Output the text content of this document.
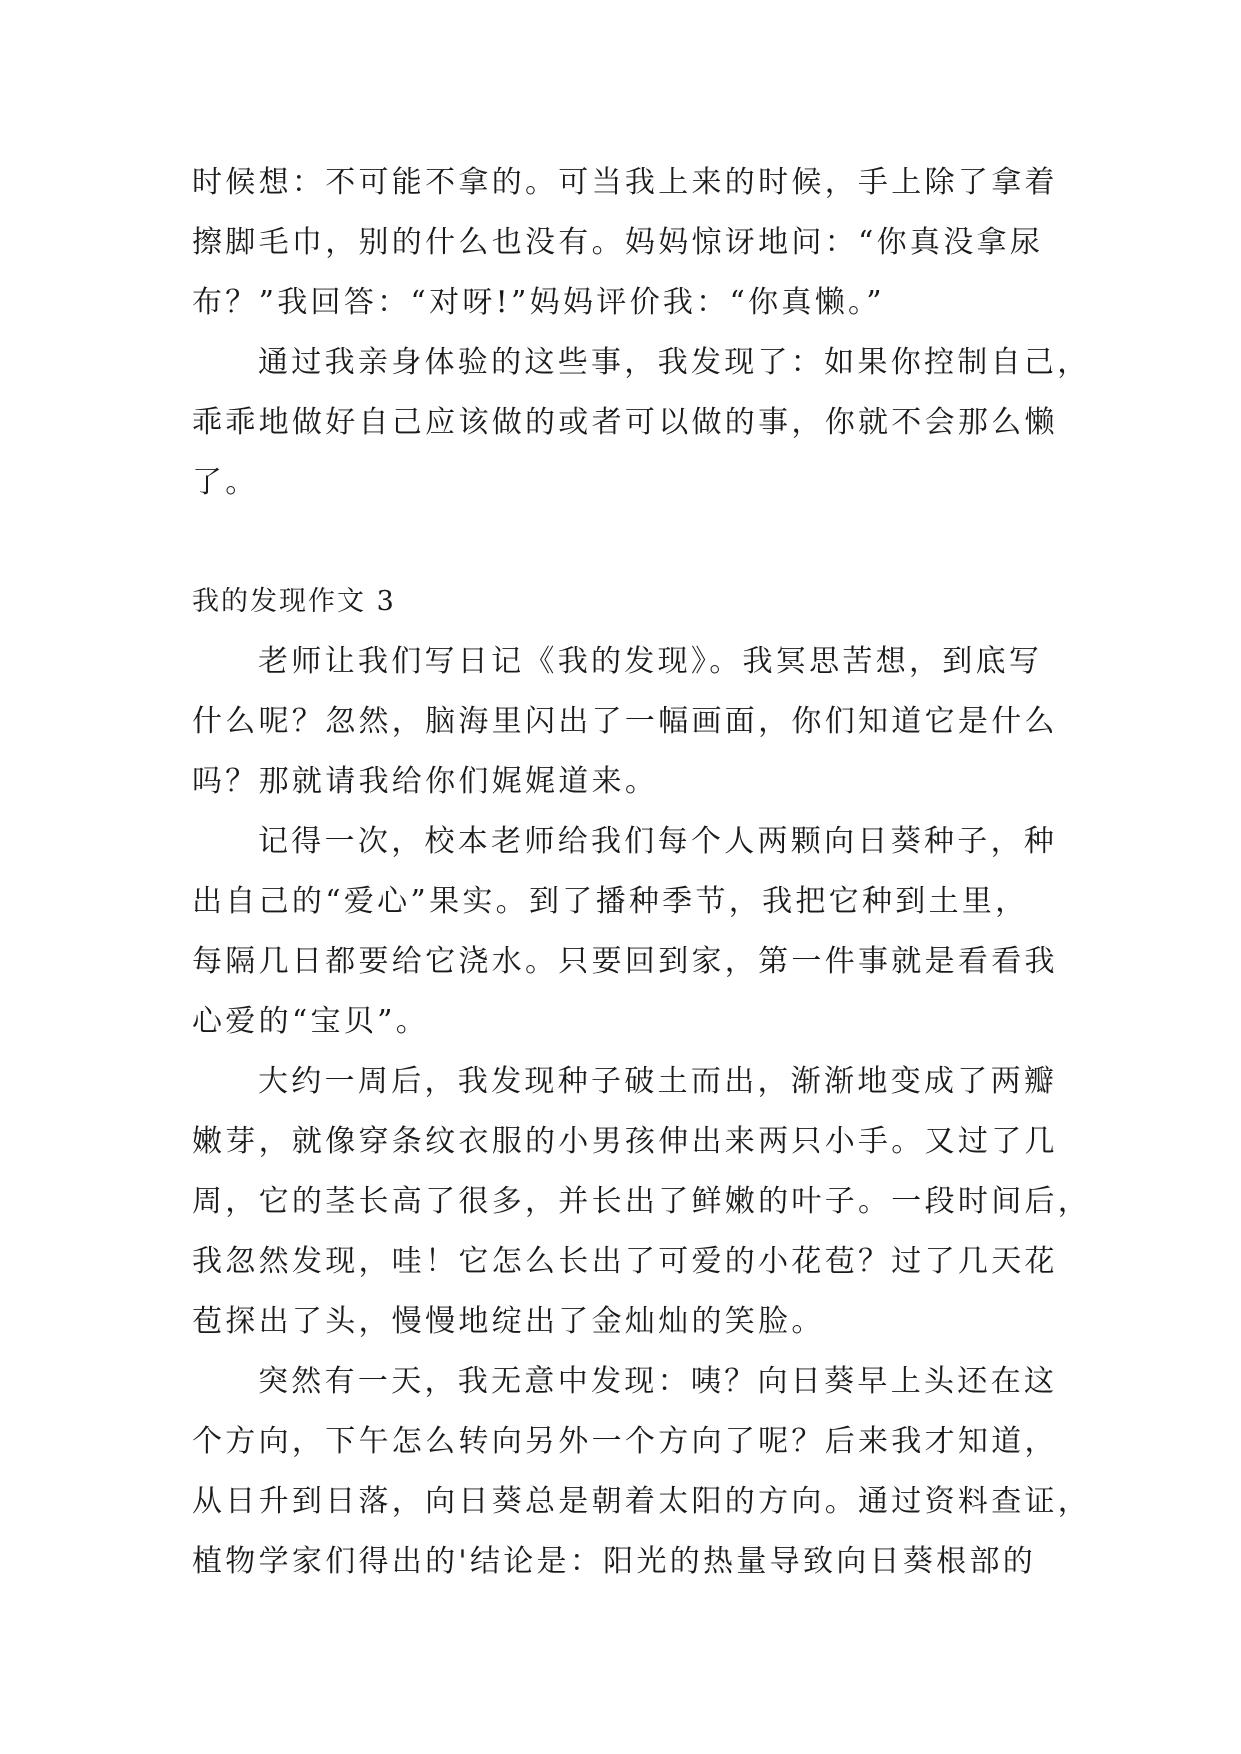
时候想：不可能不拿的。可当我上来的时候，手上除了拿着
擦脚毛巾，别的什么也没有。妈妈惊讶地问：“你真没拿尿
布？”我回答：“对呀!”妈妈评价我：“你真懒。”
通过我亲身体验的这些事，我发现了：如果你控制自己，
乖乖地做好自己应该做的或者可以做的事，你就不会那么懒
了。
我的发现作文 3
老师让我们写日记《我的发现》。我冥思苦想，到底写
什么呢？忽然，脑海里闪出了一幅画面，你们知道它是什么
吗？那就请我给你们娓娓道来。
记得一次，校本老师给我们每个人两颗向日葵种子，种
出自己的“爱心”果实。到了播种季节，我把它种到土里，
每隔几日都要给它浇水。只要回到家，第一件事就是看看我
心爱的“宝贝”。
大约一周后，我发现种子破土而出，渐渐地变成了两瓣
嫩芽，就像穿条纹衣服的小男孩伸出来两只小手。又过了几
周，它的茎长高了很多，并长出了鲜嫩的叶子。一段时间后，
我忽然发现，哇！它怎么长出了可爱的小花苞？过了几天花
苞探出了头，慢慢地绽出了金灿灿的笑脸。
突然有一天，我无意中发现：咦？向日葵早上头还在这
个方向，下午怎么转向另外一个方向了呢？后来我才知道，
从日升到日落，向日葵总是朝着太阳的方向。通过资料查证，
植物学家们得出的'结论是：阳光的热量导致向日葵根部的
